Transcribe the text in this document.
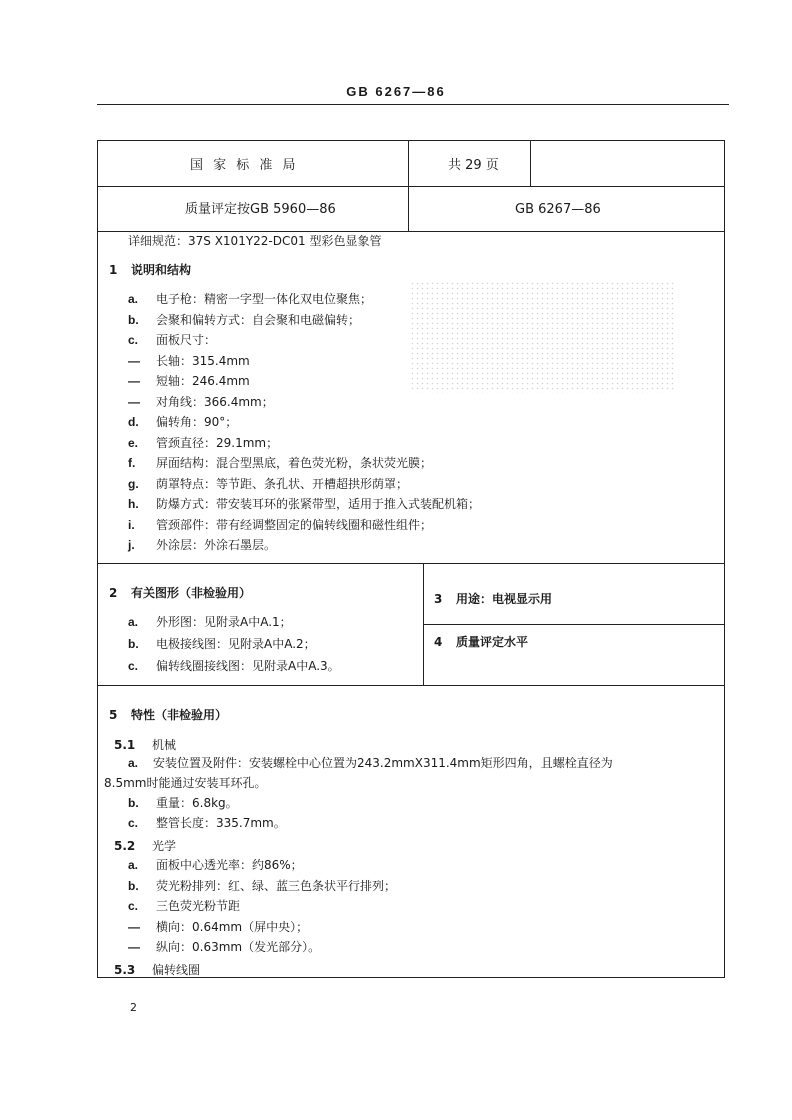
GB 6267—86
国 家 标 准 局	共 29 页
质量评定按GB 5960—86	GB 6267—86
详细规范：37S X101Y22-DC01 型彩色显象管
1 说明和结构
a. 电子枪：精密一字型一体化双电位聚焦；
b. 会聚和偏转方式：自会聚和电磁偏转；
c. 面板尺寸：
— 长轴：315.4mm
— 短轴：246.4mm
— 对角线：366.4mm；
d. 偏转角：90°；
e. 管颈直径：29.1mm；
f. 屏面结构：混合型黑底，着色荧光粉，条状荧光膜；
g. 荫罩特点：等节距、条孔状、开槽超拱形荫罩；
h. 防爆方式：带安装耳环的张紧带型，适用于推入式装配机箱；
i. 管颈部件：带有经调整固定的偏转线圈和磁性组件；
j. 外涂层：外涂石墨层。
2 有关图形（非检验用）
a. 外形图：见附录A中A.1；
b. 电极接线图：见附录A中A.2；
c. 偏转线圈接线图：见附录A中A.3。
3 用途：电视显示用
4 质量评定水平
5 特性（非检验用）
5.1 机械
a. 安装位置及附件：安装螺栓中心位置为243.2mmX311.4mm矩形四角，且螺栓直径为
8.5mm时能通过安装耳环孔。
b. 重量：6.8kg。
c. 整管长度：335.7mm。
5.2 光学
a. 面板中心透光率：约86%；
b. 荧光粉排列：红、绿、蓝三色条状平行排列；
c. 三色荧光粉节距
— 横向：0.64mm（屏中央）；
— 纵向：0.63mm（发光部分）。
5.3 偏转线圈
2
